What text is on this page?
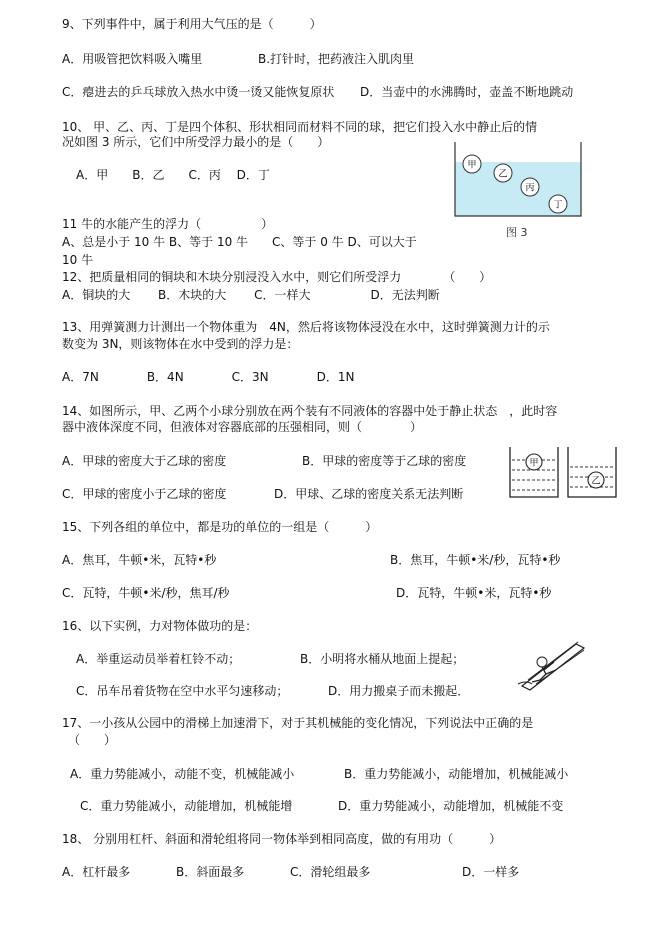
9、下列事件中，属于利用大气压的是（　　　）
A．用吸管把饮料吸入嘴里	B.打针时，把药液注入肌肉里
C．瘪进去的乒乓球放入热水中烫一烫又能恢复原状 D．当壶中的水沸腾时，壶盖不断地跳动
10、 甲、乙、丙、丁是四个体积、形状相同而材料不同的球，把它们投入水中静止后的情
况如图 3 所示，它们中所受浮力最小的是（　　）
A．甲　　B．乙　　C．丙　 D．丁
甲
乙
丙
丁
图 3
11 牛的水能产生的浮力（　　　　　）
A、总是小于 10 牛 B、等于 10 牛　　C、等于 0 牛 D、可以大于
10 牛
12、把质量相同的铜块和木块分别浸没入水中，则它们所受浮力　　　　（　　）
A．铜块的大　　 B．木块的大　　 C．一样大　　　　　D．无法判断
13、用弹簧测力计测出一个物体重为　4N，然后将该物体浸没在水中，这时弹簧测力计的示
数变为 3N，则该物体在水中受到的浮力是：
A．7N　　　　B．4N　　　　C．3N　　　　D．1N
14、如图所示，甲、乙两个小球分别放在两个装有不同液体的容器中处于静止状态　，此时容
器中液体深度不同，但液体对容器底部的压强相同，则（　　　　）
A．甲球的密度大于乙球的密度	B．甲球的密度等于乙球的密度
C．甲球的密度小于乙球的密度	D．甲球、乙球的密度关系无法判断
甲
乙
15、下列各组的单位中，都是功的单位的一组是（　　　）
A．焦耳，牛顿•米，瓦特•秒	B．焦耳，牛顿•米/秒，瓦特•秒
C．瓦特，牛顿•米/秒，焦耳/秒	D．瓦特，牛顿•米，瓦特•秒
16、以下实例，力对物体做功的是：
A．举重运动员举着杠铃不动；	B．小明将水桶从地面上提起；
C．吊车吊着货物在空中水平匀速移动；	D．用力搬桌子而未搬起．
17、一小孩从公园中的滑梯上加速滑下，对于其机械能的变化情况，下列说法中正确的是
（　　）
A．重力势能减小，动能不变，机械能减小	B．重力势能减小，动能增加，机械能减小
C．重力势能减小，动能增加，机械能增	D．重力势能减小，动能增加，机械能不变
18、 分别用杠杆、斜面和滑轮组将同一物体举到相同高度，做的有用功（　　　）
A．杠杆最多	B．斜面最多	C．滑轮组最多	D．一样多
